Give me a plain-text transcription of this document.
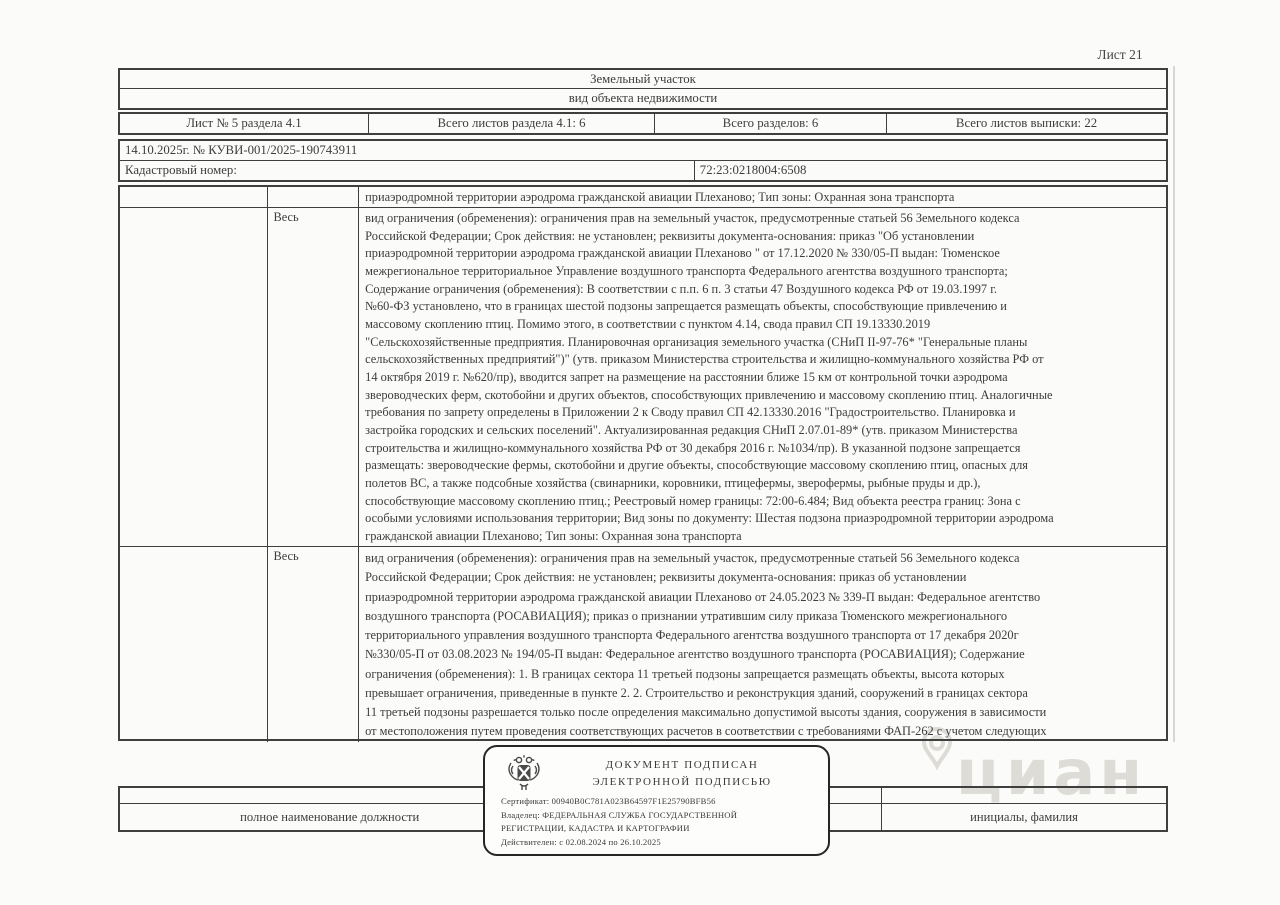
циан
Лист 21
Земельный участок
вид объекта недвижимости
Лист № 5 раздела 4.1	Всего листов раздела 4.1: 6	Всего разделов: 6	Всего листов выписки: 22
14.10.2025г. № КУВИ-001/2025-190743911
Кадастровый номер:	72:23:0218004:6508
приаэродромной территории аэродрома гражданской авиации Плеханово; Тип зоны: Охранная зона транспорта
Весь	вид ограничения (обременения): ограничения прав на земельный участок, предусмотренные статьей 56 Земельного кодекса
Российской Федерации; Срок действия: не установлен; реквизиты документа-основания: приказ "Об установлении
приаэродромной территории аэродрома гражданской авиации Плеханово " от 17.12.2020 № 330/05-П выдан: Тюменское
межрегиональное территориальное Управление воздушного транспорта Федерального агентства воздушного транспорта;
Содержание ограничения (обременения): В соответствии с п.п. 6 п. 3 статьи 47 Воздушного кодекса РФ от 19.03.1997 г.
№60-ФЗ установлено, что в границах шестой подзоны запрещается размещать объекты, способствующие привлечению и
массовому скоплению птиц. Помимо этого, в соответствии с пунктом 4.14, свода правил СП 19.13330.2019
"Сельскохозяйственные предприятия. Планировочная организация земельного участка (СНиП II-97-76* "Генеральные планы
сельскохозяйственных предприятий")" (утв. приказом Министерства строительства и жилищно-коммунального хозяйства РФ от
14 октября 2019 г. №620/пр), вводится запрет на размещение на расстоянии ближе 15 км от контрольной точки аэродрома
звероводческих ферм, скотобойни и других объектов, способствующих привлечению и массовому скоплению птиц. Аналогичные
требования по запрету определены в Приложении 2 к Своду правил СП 42.13330.2016 "Градостроительство. Планировка и
застройка городских и сельских поселений". Актуализированная редакция СНиП 2.07.01-89* (утв. приказом Министерства
строительства и жилищно-коммунального хозяйства РФ от 30 декабря 2016 г. №1034/пр). В указанной подзоне запрещается
размещать: звероводческие фермы, скотобойни и другие объекты, способствующие массовому скоплению птиц, опасных для
полетов ВС, а также подсобные хозяйства (свинарники, коровники, птицефермы, зверофермы, рыбные пруды и др.),
способствующие массовому скоплению птиц.; Реестровый номер границы: 72:00-6.484; Вид объекта реестра границ: Зона с
особыми условиями использования территории; Вид зоны по документу: Шестая подзона приаэродромной территории аэродрома
гражданской авиации Плеханово; Тип зоны: Охранная зона транспорта
Весь	вид ограничения (обременения): ограничения прав на земельный участок, предусмотренные статьей 56 Земельного кодекса
Российской Федерации; Срок действия: не установлен; реквизиты документа-основания: приказ об установлении
приаэродромной территории аэродрома гражданской авиации Плеханово от 24.05.2023 № 339-П выдан: Федеральное агентство
воздушного транспорта (РОСАВИАЦИЯ); приказ о признании утратившим силу приказа Тюменского межрегионального
территориального управления воздушного транспорта Федерального агентства воздушного транспорта от 17 декабря 2020г
№330/05-П от 03.08.2023 № 194/05-П выдан: Федеральное агентство воздушного транспорта (РОСАВИАЦИЯ); Содержание
ограничения (обременения): 1. В границах сектора 11 третьей подзоны запрещается размещать объекты, высота которых
превышает ограничения, приведенные в пункте 2. 2. Строительство и реконструкция зданий, сооружений в границах сектора
11 третьей подзоны разрешается только после определения максимально допустимой высоты здания, сооружения в зависимости
от местоположения путем проведения соответствующих расчетов в соответствии с требованиями ФАП-262 с учетом следующих
полное наименование должности	инициалы, фамилия
ДОКУМЕНТ ПОДПИСАН
ЭЛЕКТРОННОЙ ПОДПИСЬЮ
Сертификат: 00940B0C781A023B64597F1E25790BFB56
Владелец: ФЕДЕРАЛЬНАЯ СЛУЖБА ГОСУДАРСТВЕННОЙ
РЕГИСТРАЦИИ, КАДАСТРА И КАРТОГРАФИИ
Действителен: с 02.08.2024 по 26.10.2025
